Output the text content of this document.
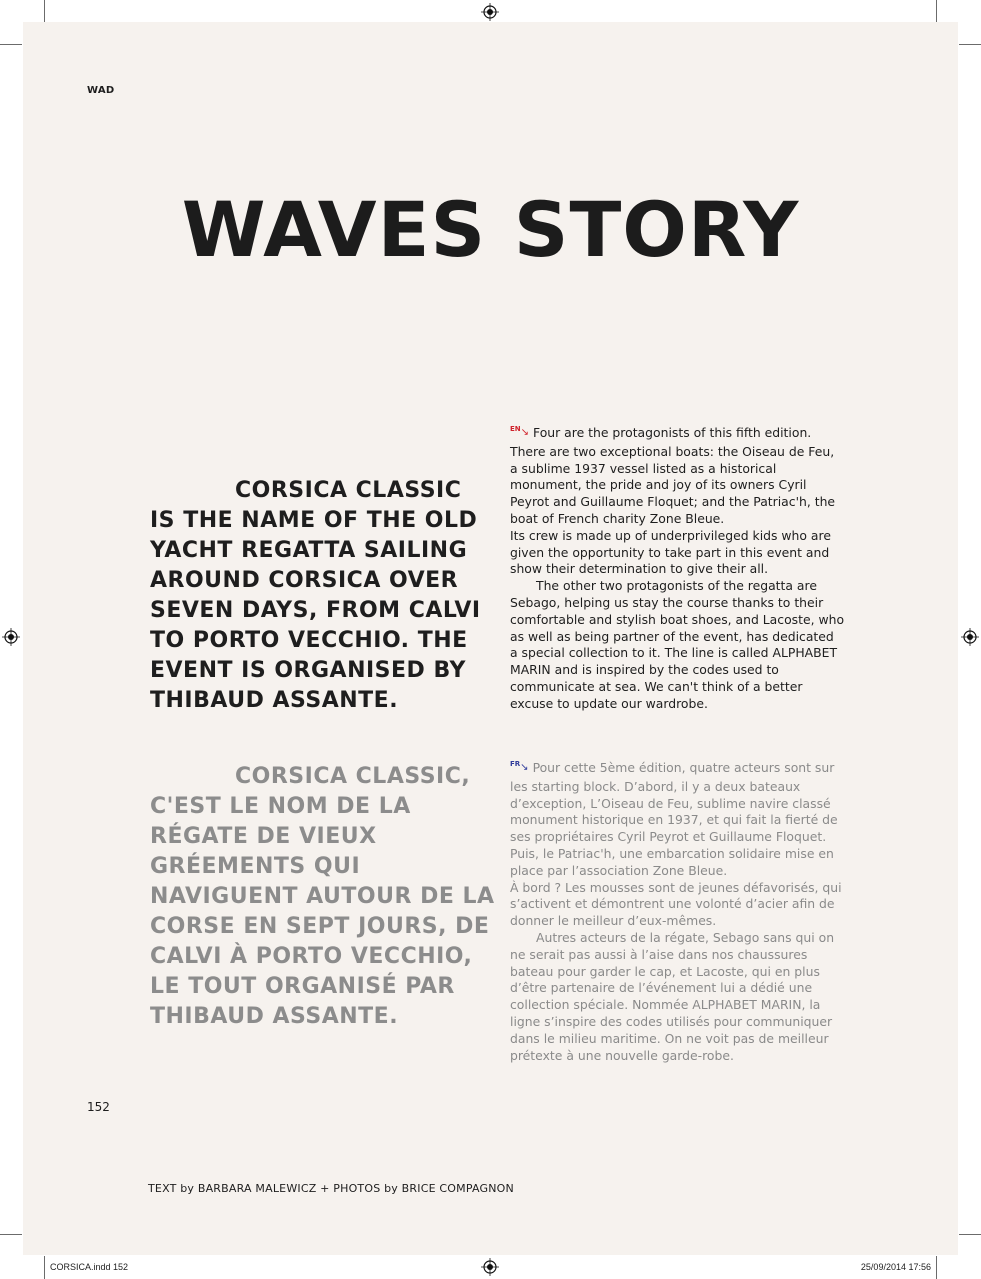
WAD
WAVES STORY

CORSICA CLASSIC IS THE NAME OF THE OLD YACHT REGATTA SAILING AROUND CORSICA OVER SEVEN DAYS, FROM CALVI TO PORTO VECCHIO. THE EVENT IS ORGANISED BY THIBAUD ASSANTE.

CORSICA CLASSIC, C'EST LE NOM DE LA RÉGATE DE VIEUX GRÉEMENTS QUI NAVIGUENT AUTOUR DE LA CORSE EN SEPT JOURS, DE CALVI À PORTO VECCHIO, LE TOUT ORGANISÉ PAR THIBAUD ASSANTE.

$^{EN}$↘ Four are the protagonists of this fifth edition. There are two exceptional boats: the Oiseau de Feu, a sublime 1937 vessel listed as a historical monument, the pride and joy of its owners Cyril Peyrot and Guillaume Floquet; and the Patriac'h, the boat of French charity Zone Bleue.

Its crew is made up of underprivileged kids who are given the opportunity to take part in this event and show their determination to give their all.

The other two protagonists of the regatta are Sebago, helping us stay the course thanks to their comfortable and stylish boat shoes, and Lacoste, who as well as being partner of the event, has dedicated a special collection to it. The line is called ALPHABET MARIN and is inspired by the codes used to communicate at sea. We can't think of a better excuse to update our wardrobe.

$^{FR}$↘ Pour cette 5ème édition, quatre acteurs sont sur les starting block. D’abord, il y a deux bateaux d’exception, L’Oiseau de Feu, sublime navire classé monument historique en 1937, et qui fait la fierté de ses propriétaires Cyril Peyrot et Guillaume Floquet. Puis, le Patriac'h, une embarcation solidaire mise en place par l’association Zone Bleue.

À bord ? Les mousses sont de jeunes défavorisés, qui s’activent et démontrent une volonté d’acier afin de donner le meilleur d’eux-mêmes.

Autres acteurs de la régate, Sebago sans qui on ne serait pas aussi à l’aise dans nos chaussures bateau pour garder le cap, et Lacoste, qui en plus d’être partenaire de l’événement lui a dédié une collection spéciale. Nommée ALPHABET MARIN, la ligne s’inspire des codes utilisés pour communiquer dans le milieu maritime. On ne voit pas de meilleur prétexte à une nouvelle garde-robe.

152
TEXT by BARBARA MALEWICZ + PHOTOS by BRICE COMPAGNON
CORSICA.indd 152	25/09/2014 17:56
